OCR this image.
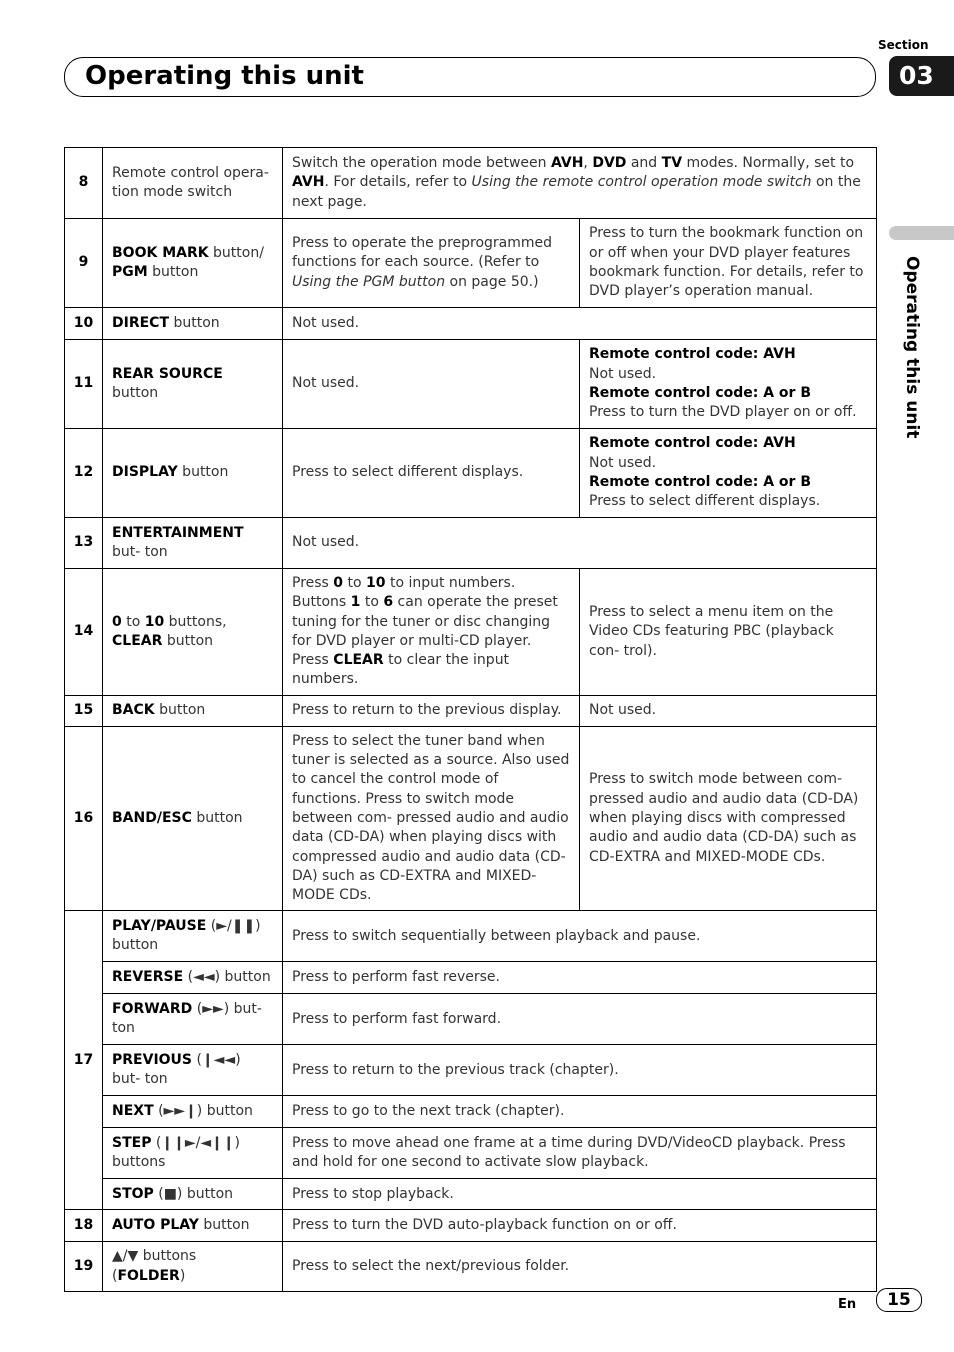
Section
03
Operating this unit
Operating this unit
8	Remote control opera- tion mode switch	Switch the operation mode between AVH, DVD and TV modes. Normally, set to AVH. For details, refer to Using the remote control operation mode switch on the next page.	
9	BOOK MARK button/ PGM button	Press to operate the preprogrammed functions for each source. (Refer to Using the PGM button on page 50.)	Press to turn the bookmark function on or off when your DVD player features bookmark function. For details, refer to DVD player’s operation manual.
10	DIRECT button	Not used.	
11	REAR SOURCE button	Not used.	Remote control code: AVH
Not used.
Remote control code: A or B
Press to turn the DVD player on or off.
12	DISPLAY button	Press to select different displays.	Remote control code: AVH
Not used.
Remote control code: A or B
Press to select different displays.
13	ENTERTAINMENT but- ton	Not used.	
14	0 to 10 buttons, CLEAR button	Press 0 to 10 to input numbers. Buttons 1 to 6 can operate the preset tuning for the tuner or disc changing for DVD player or multi-CD player. Press CLEAR to clear the input numbers.	Press to select a menu item on the Video CDs featuring PBC (playback con- trol).
15	BACK button	Press to return to the previous display.	Not used.
16	BAND/ESC button	Press to select the tuner band when tuner is selected as a source. Also used to cancel the control mode of functions. Press to switch mode between com- pressed audio and audio data (CD-DA) when playing discs with compressed audio and audio data (CD-DA) such as CD-EXTRA and MIXED-MODE CDs.	Press to switch mode between com- pressed audio and audio data (CD-DA) when playing discs with compressed audio and audio data (CD-DA) such as CD-EXTRA and MIXED-MODE CDs.
17	PLAY/PAUSE (►/❚❚) button	Press to switch sequentially between playback and pause.	
	REVERSE (◄◄) button	Press to perform fast reverse.	
	FORWARD (►►) but- ton	Press to perform fast forward.	
	PREVIOUS (❙◄◄) but- ton	Press to return to the previous track (chapter).	
	NEXT (►►❙) button	Press to go to the next track (chapter).	
	STEP (❙❙►/◄❙❙) buttons	Press to move ahead one frame at a time during DVD/VideoCD playback. Press and hold for one second to activate slow playback.	
	STOP (■) button	Press to stop playback.	
18	AUTO PLAY button	Press to turn the DVD auto-playback function on or off.	
19	▲/▼ buttons (FOLDER)	Press to select the next/previous folder.	
En	15
